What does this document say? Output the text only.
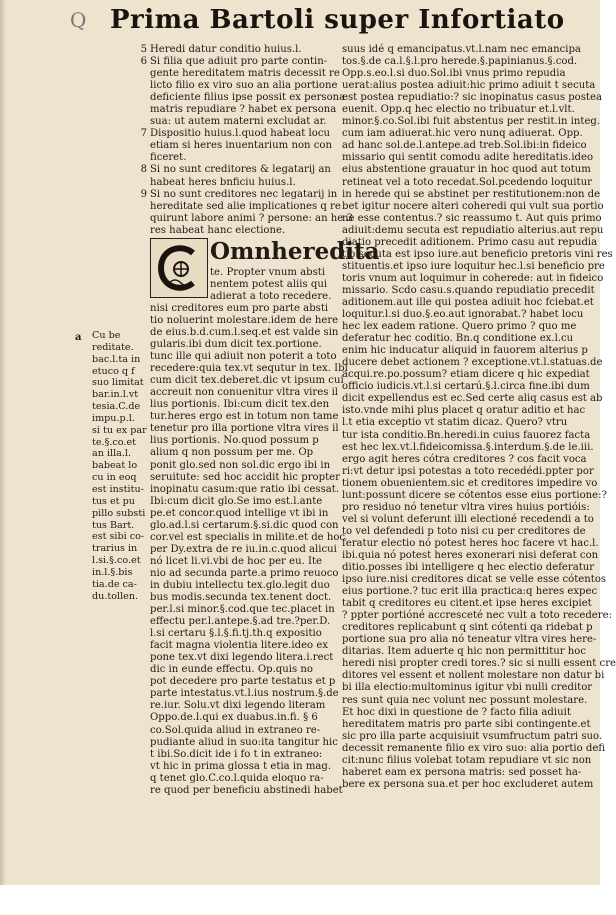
Q Prima Bartoli super Infortiato
5 Heredi datur conditio huius.l.
6 Si filia que adiuit pro parte contin-
gente hereditatem matris decessit re
licto filio ex viro suo an alia portione
deficiente filius ipse possit ex persona
matris repudiare ? habet ex persona
sua: ut autem materni excludat ar.
7 Dispositio huius.l.quod habeat locu
etiam si heres inuentarium non con
ficeret.
8 Si no sunt creditores & legatarij an
habeat heres bnficiu huius.l.
9 Si no sunt creditores nec legatarij in
hereditate sed alie implicationes q re
quirunt labore animi ? persone: an he 3
res habeat hanc electione.
Omnheredita
te. Propter vnum absti
nentem potest aliis qui
adierat a toto recedere.
nisi creditores eum pro parte absti
tio noluerint molestare.idem de here
de eius.b.d.cum.l.seq.et est valde sin
gularis.ibi dum dicit tex.portione.
tunc ille qui adiuit non poterit a toto
recedere:quia tex.vt sequtur in tex. Ibi
cum dicit tex.deberet.dic vt ipsum cui
accreuit non conuenitur vltra vires il
lius portionis. Ibi:cum dicit tex.den
tur.heres ergo est in totum non tame
tenetur pro illa portione vltra vires il
lius portionis. No.quod possum p
alium q non possum per me. Op
ponit glo.sed non sol.dic ergo ibi in
seruitute: sed hoc accidit hic propter
inopinatu casum:que ratio ibi cessat.
Ibi:cum dicit glo.Se imo est.l.ante
pe.et concor.quod intellige vt ibi in
glo.ad.l.si certarum.§.si.dic quod con
cor.vel est specialis in milite.et de hoc
per Dy.extra de re iu.in.c.quod alicui
nó licet li.vi.vbi de hoc per eu. Ite
nio ad secunda parte.a primo reuoco
in dubiu intellectu tex.glo.legit duo
bus modis.secunda tex.tenent doct.
per.l.si minor.§.cod.que tec.placet in
effectu per.l.antepe.§.ad tre.?per.D.
l.si certaru §.l.§.fi.tj.th.q expositio
facit magna violentia litere.ideo ex
pone tex.vt dixi legendo litera.i.rect
dic in eunde effectu. Op.quis no
pot decedere pro parte testatus et p
parte intestatus.vt.l.ius nostrum.§.de
re.iur. Solu.vt dixi legendo literam
Oppo.de.l.qui ex duabus.in.fi. § 6
co.Sol.quida aliud in extraneo re-
pudiante aliud in suo:ita tangitur hic
t ibi.So.dicit ide i fo t in extraneo:
vt hic in prima glossa t etia in mag.
q tenet glo.C.co.l.quida eloquo ra-
re quod per beneficiu abstinedi habet
a Cu be
reditate.
bac.l.ta in
etuco q f
suo limitat
bar.in.l.vt
tesia.C.de
impu.p.l.
si tu ex par
te.§.co.et
an illa.l.
babeat lo
cu in eoq
est institu-
tus et pu
pillo substi
tus Bart.
est sibi co-
trarius in
l.si.§.co.et
in.l.§.bis
tia.de ca-
du.tollen.
suus idé q emancipatus.vt.l.nam nec emancipa
tos.§.de ca.l.§.l.pro herede.§.papinianus.§.cod.
Opp.s.eo.l.si duo.Sol.ibi vnus primo repudia
uerat:alius postea adiuit:hic primo adiuit t secuta
est postea repudiatio:? sic inopinatus casus postea
euenit. Opp.q hec electio no tribuatur et.l.vlt.
minor.§.co.Sol.ibi fuit abstentus per restit.in integ.
cum iam adiuerat.hic vero nunq adiuerat. Opp.
ad hanc sol.de.l.antepe.ad treb.Sol.ibi:in fideico
missario qui sentit comodu adite hereditatis.ideo
eius abstentione grauatur in hoc quod aut totum
retineat vel a toto recedat.Sol.pcedendo loquitur
in herede qui se abstinet per restitutionem:non de
bet igitur nocere alteri coheredi qui vult sua portio
ne esse contentus.? sic reassumo t. Aut quis primo
adiuit:demu secuta est repudiatio alterius.aut repu
diatio precedit aditionem. Primo casu aut repudia
tio secuta est ipso iure.aut beneficio pretoris vini res
stituentis.et ipso iure loquitur hec.l.si beneficio pre
toris vnum aut loquimur in coherede: aut in fideico
missario. Scdo casu.s.quando repudiatio precedit
aditionem.aut ille qui postea adiuit hoc fciebat.et
loquitur.l.si duo.§.eo.aut ignorabat.? habet locu
hec lex eadem ratione. Quero primo ? quo me
deferatur hec coditio. Bn.q conditione ex.l.cu
enim hic inducatur aliquid in fauorem alterius p
ducere debet actionem ? exceptione.vt.l.statuas.de
acqui.re.po.possum? etiam dicere q hic expediat
officio iudicis.vt.l.si certarú.§.l.circa fine.ibi dum
dicit expellendus est ec.Sed certe aliq casus est ab
isto.vnde mihi plus placet q oratur aditio et hac
l.t etia exceptio vt statim dicaz. Quero? vtru
tur ista conditio.Bn.heredi.in cuius fauorez facta
est hec lex.vt.l.fideicomissa.§.interdum.§.de le.iii.
ergo agit heres cótra creditores ? cos facit voca
ri:vt detur ipsi potestas a toto recedédi.ppter por
tionem obuenientem.sic et creditores impedire vo
lunt:possunt dicere se cótentos esse eius portione:?
pro residuo nó tenetur vltra vires huius portióis:
vel si volunt deferunt illi electioné recedendi a to
to vel defendedi p toto nisi cu per creditores de
feratur electio nó potest heres hoc facere vt hac.l.
ibi.quia nó potest heres exonerari nisi deferat con
ditio.posses ibi intelligere q hec electio deferatur
ipso iure.nisi creditores dicat se velle esse cótentos
eius portione.? tuc erit illa practica:q heres expec
tabit q creditores eu citent.et ipse heres excipiet
? ppter portióné accresceté nec vult a toto recedere:
creditores replicabunt q sint cótenti qa ridebat p
portione sua pro alia nó teneatur vltra vires here-
ditarias. Item aduerte q hic non permittitur hoc
heredi nisi propter credi tores.? sic si nulli essent cre
ditores vel essent et nollent molestare non datur bi
bi illa electio:multominus igitur vbi nulli creditor
res sunt quia nec volunt nec possunt molestare.
Et hoc dixi in questione de ? facto filia adiuit
hereditatem matris pro parte sibi contingente.et
sic pro illa parte acquisiuit vsumfructum patri suo.
decessit remanente filio ex viro suo: alia portio defi
cit:nunc filius volebat totam repudiare vt sic non
haberet eam ex persona matris: sed posset ha-
bere ex persona sua.et per hoc excluderet autem
